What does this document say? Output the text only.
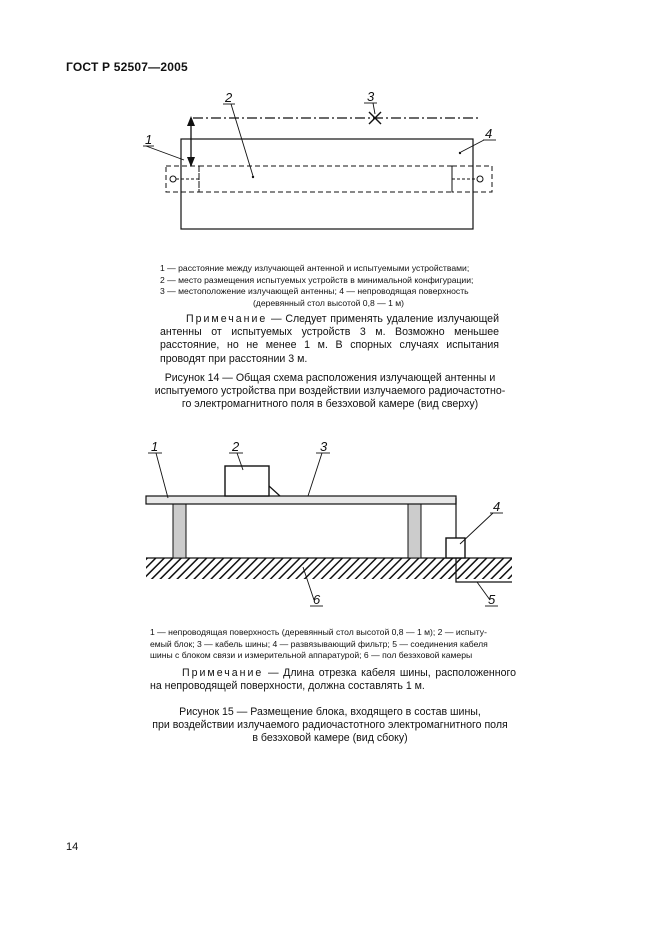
ГОСТ Р 52507—2005
1
2	3
4
1 — расстояние между излучающей антенной и испытуемыми устройствами;
2 — место размещения испытуемых устройств в минимальной конфигурации;
3 — местоположение излучающей антенны; 4 — непроводящая поверхность
(деревянный стол высотой 0,8 — 1 м)
Примечание — Следует применять удаление излучающей антенны от испытуемых устройств 3 м. Возможно меньшее расстояние, но не менее 1 м. В спорных случаях испытания проводят при расстоянии 3 м.
Рисунок 14 — Общая схема расположения излучающей антенны и
испытуемого устройства при воздействии излучаемого радиочастотно-
го электромагнитного поля в безэховой камере (вид сверху)
1	2	3
4
5
6
1 — непроводящая поверхность (деревянный стол высотой 0,8 — 1 м); 2 — испыту-
емый блок; 3 — кабель шины; 4 — развязывающий фильтр; 5 — соединения кабеля
шины с блоком связи и измерительной аппаратурой; 6 — пол безэховой камеры
Примечание — Длина отрезка кабеля шины, расположенного на непроводящей поверхности, должна составлять 1 м.
Рисунок 15 — Размещение блока, входящего в состав шины,
при воздействии излучаемого радиочастотного электромагнитного поля
в безэховой камере (вид сбоку)
14
